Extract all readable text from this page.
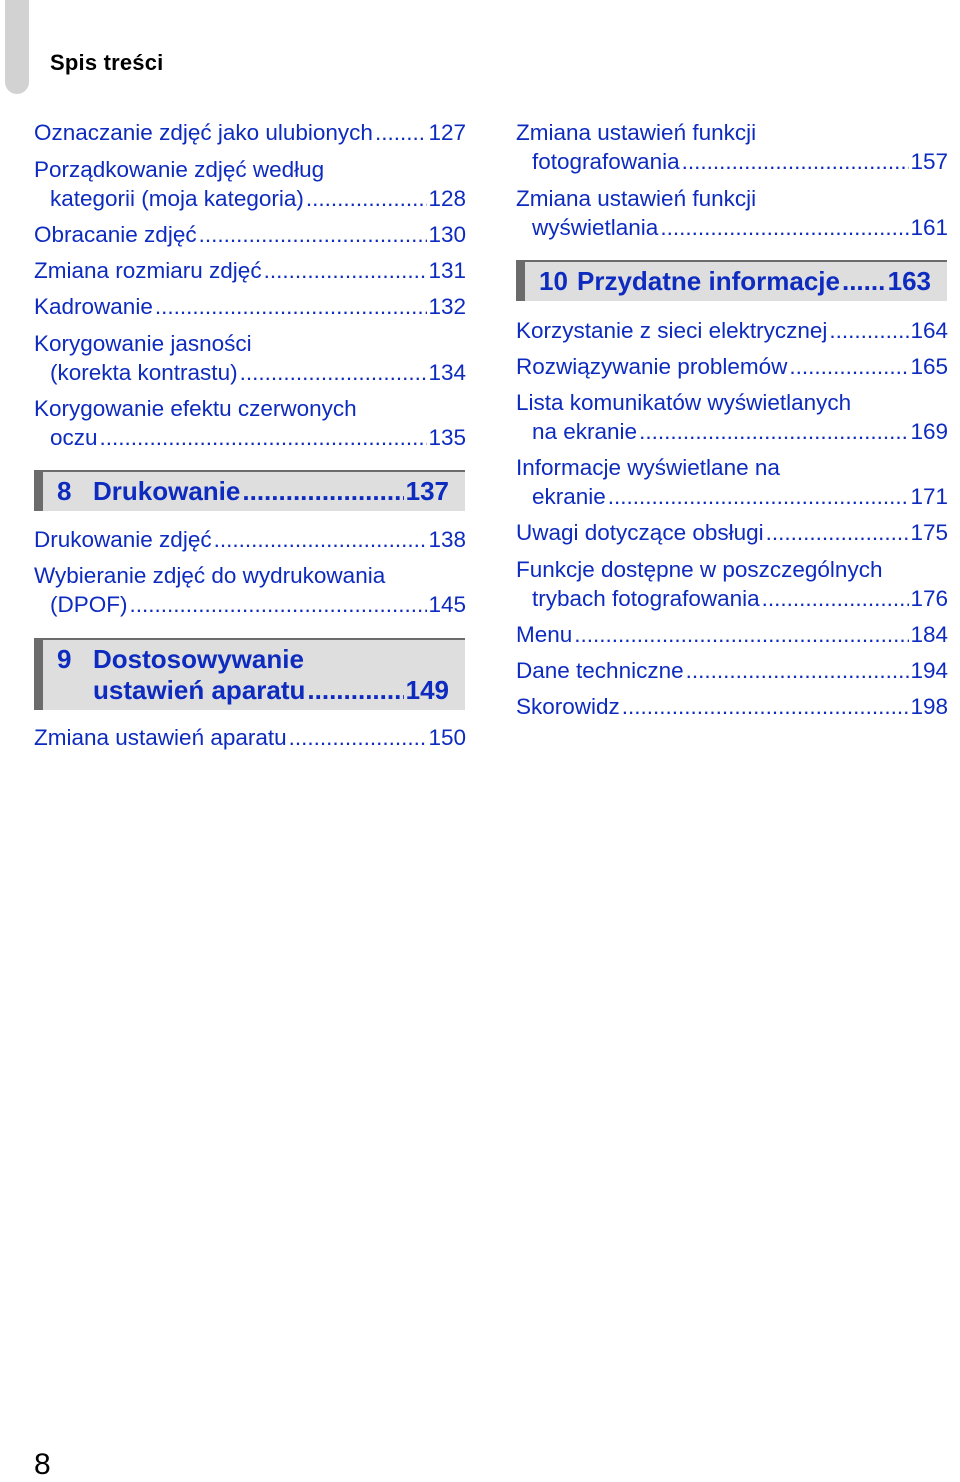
Spis treści
Oznaczanie zdjęć jako ulubionych ..... 127
Porządkowanie zdjęć według
kategorii (moja kategoria) .....	128
Obracanie zdjęć .....	130
Zmiana rozmiaru zdjęć .....	131
Kadrowanie .....	132
Korygowanie jasności
(korekta kontrastu) .....	134
Korygowanie efektu czerwonych
oczu .....	135
8 Drukowanie .....	137
Drukowanie zdjęć .....	138
Wybieranie zdjęć do wydrukowania
(DPOF) .....	145
9 Dostosowywanie
ustawień aparatu .....	149
Zmiana ustawień aparatu .....	150
Zmiana ustawień funkcji
fotografowania .....	157
Zmiana ustawień funkcji
wyświetlania .....	161
10 Przydatne informacje ..... 163
Korzystanie z sieci elektrycznej .....	164
Rozwiązywanie problemów .....	165
Lista komunikatów wyświetlanych
na ekranie .....	169
Informacje wyświetlane na
ekranie .....	171
Uwagi dotyczące obsługi .....	175
Funkcje dostępne w poszczególnych
trybach fotografowania .....	176
Menu .....	184
Dane techniczne .....	194
Skorowidz .....	198
8
